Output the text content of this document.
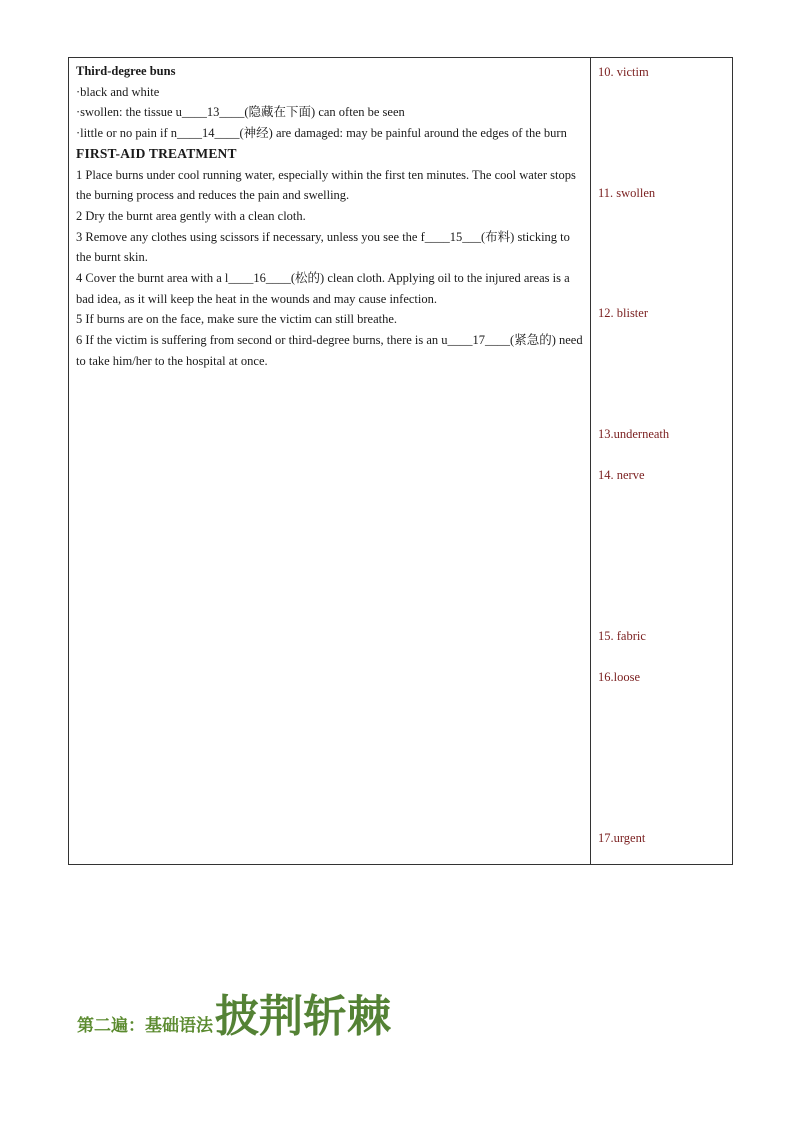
Third-degree buns

·black and white

·swollen: the tissue u____13____(隐藏在下面) can often be seen

·little or no pain if n____14____(神经) are damaged: may be painful around the edges of the burn

FIRST-AID TREATMENT

1 Place burns under cool running water, especially within the first ten minutes. The cool water stops the burning process and reduces the pain and swelling.

2 Dry the burnt area gently with a clean cloth.

3 Remove any clothes using scissors if necessary, unless you see the f____15___(布料) sticking to the burnt skin.

4 Cover the burnt area with a l____16____(松的) clean cloth. Applying oil to the injured areas is a bad idea, as it will keep the heat in the wounds and may cause infection.

5 If burns are on the face, make sure the victim can still breathe.

6 If the victim is suffering from second or third-degree burns, there is an u____17____(紧急的) need to take him/her to the hospital at once.

10. victim
11. swollen
12. blister
13.underneath
14. nerve
15. fabric
16.loose
17.urgent
第二遍：基础语法 披荆斩棘
